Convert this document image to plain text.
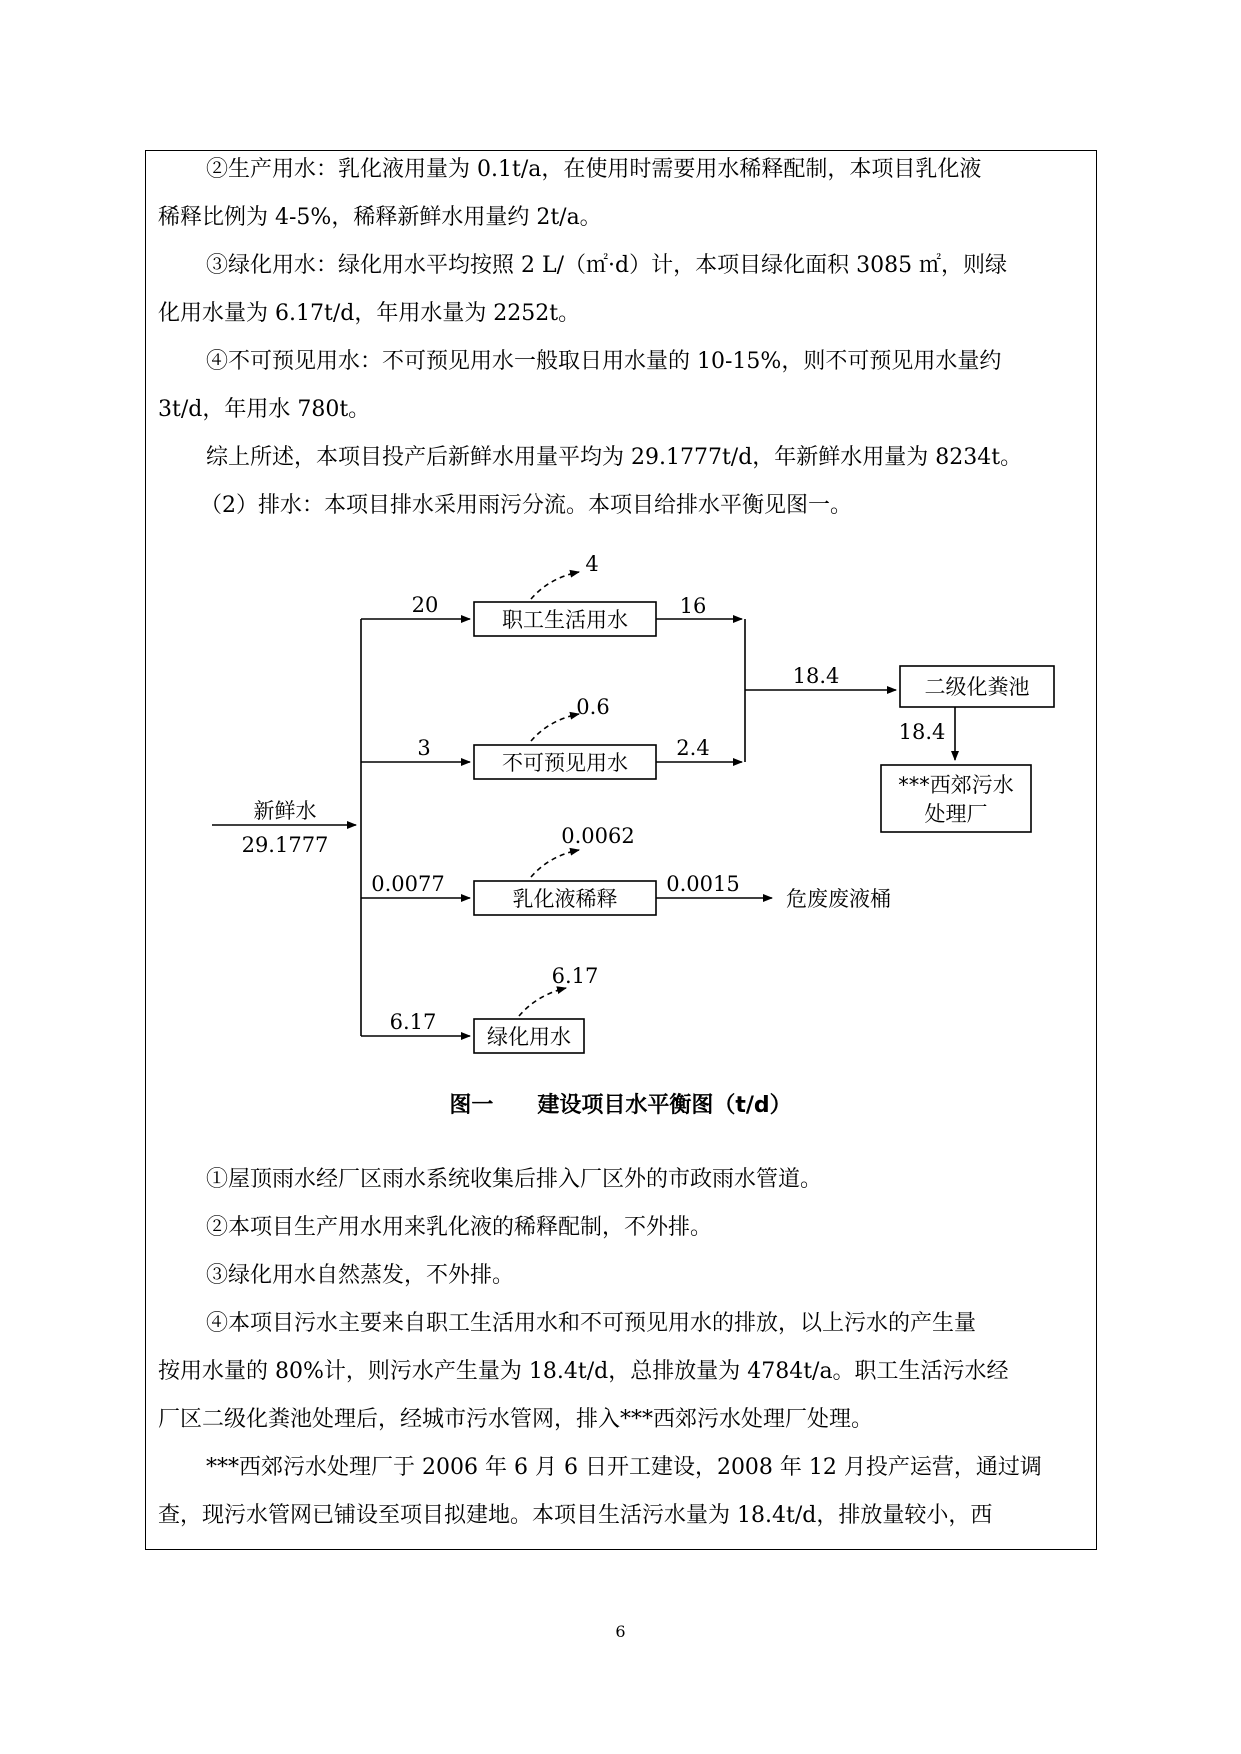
②生产用水：乳化液用量为 0.1t/a，在使用时需要用水稀释配制，本项目乳化液
稀释比例为 4-5%，稀释新鲜水用量约 2t/a。
③绿化用水：绿化用水平均按照 2 L/（㎡·d）计，本项目绿化面积 3085 ㎡，则绿
化用水量为 6.17t/d，年用水量为 2252t。
④不可预见用水：不可预见用水一般取日用水量的 10-15%，则不可预见用水量约
3t/d，年用水 780t。
综上所述，本项目投产后新鲜水用量平均为 29.1777t/d，年新鲜水用量为 8234t。
（2）排水：本项目排水采用雨污分流。本项目给排水平衡见图一。
职工生活用水
不可预见用水
乳化液稀释
绿化用水
二级化粪池
***西郊污水
处理厂
危废废液桶
新鲜水
29.1777
20
4
16
3
0.6
2.4
18.4
18.4
0.0077
0.0062
0.0015
6.17
6.17
图一　　建设项目水平衡图（t/d）
①屋顶雨水经厂区雨水系统收集后排入厂区外的市政雨水管道。
②本项目生产用水用来乳化液的稀释配制，不外排。
③绿化用水自然蒸发，不外排。
④本项目污水主要来自职工生活用水和不可预见用水的排放，以上污水的产生量
按用水量的 80%计，则污水产生量为 18.4t/d，总排放量为 4784t/a。职工生活污水经
厂区二级化粪池处理后，经城市污水管网，排入***西郊污水处理厂处理。
***西郊污水处理厂于 2006 年 6 月 6 日开工建设，2008 年 12 月投产运营，通过调
查，现污水管网已铺设至项目拟建地。本项目生活污水量为 18.4t/d，排放量较小，西
6
